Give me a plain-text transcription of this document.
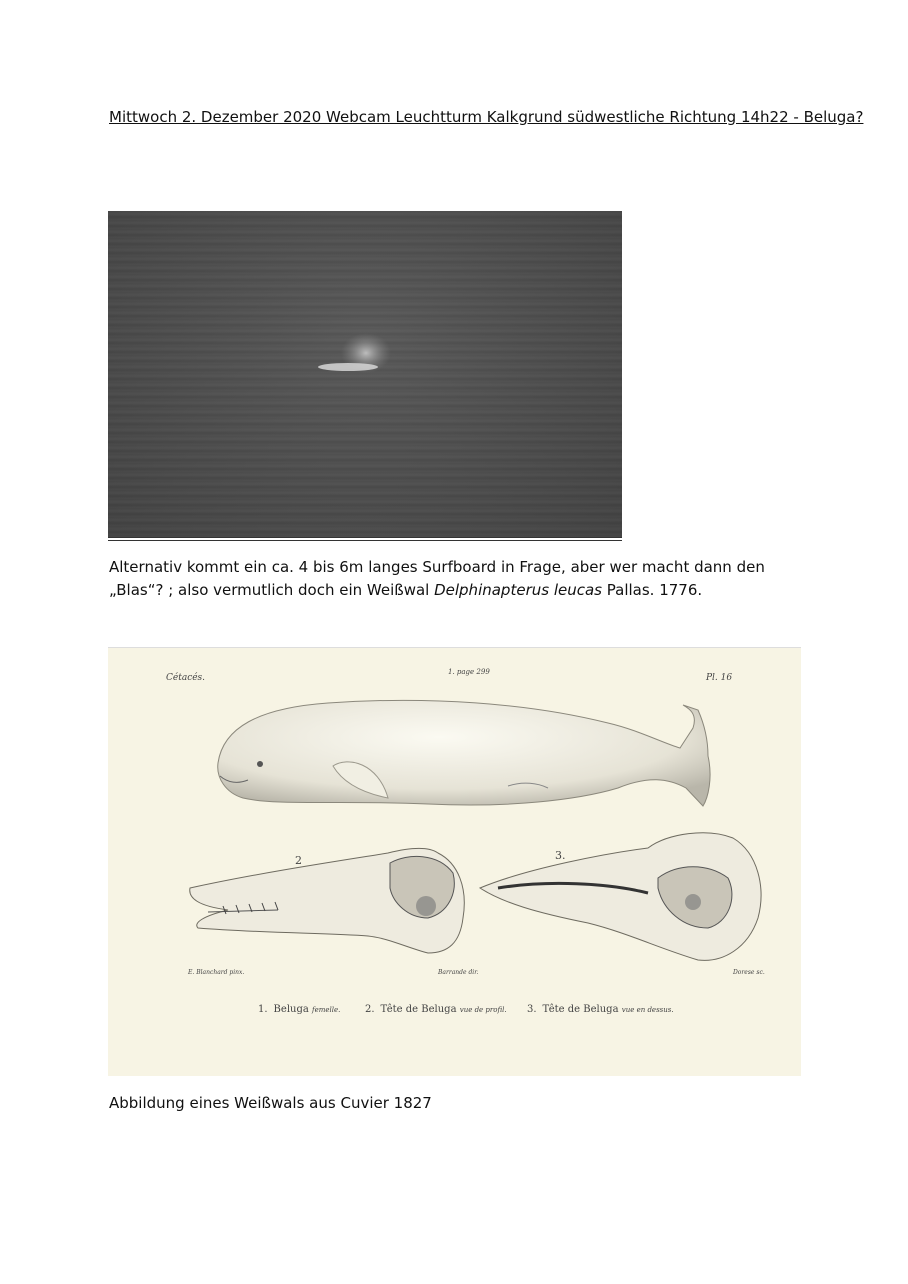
Mittwoch 2. Dezember 2020 Webcam Leuchtturm Kalkgrund südwestliche Richtung 14h22 - Beluga?

Alternativ kommt ein ca. 4 bis 6m langes Surfboard in Frage, aber wer macht dann den „Blas“? ; also vermutlich doch ein Weißwal Delphinapterus leucas Pallas. 1776.

Cétacés.
1. page 299
Pl. 16
2	3.
E. Blanchard pinx.	Barrande dir.	Dorese sc.
1. Beluga femelle. 2. Tête de Beluga vue de profil. 3. Tête de Beluga vue en dessus.

Abbildung eines Weißwals aus Cuvier 1827
